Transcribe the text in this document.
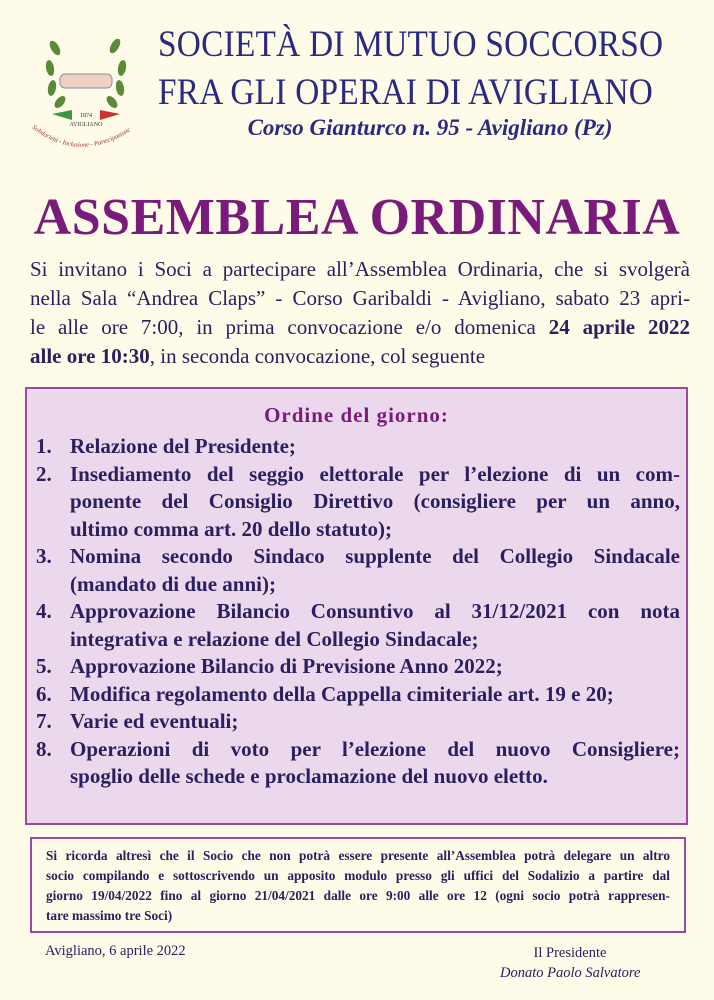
1874
AVIGLIANO
Solidarietà - Inclusione - Partecipazione
SOCIETÀ DI MUTUO SOCCORSO
FRA GLI OPERAI DI AVIGLIANO
Corso Gianturco n. 95 - Avigliano (Pz)
ASSEMBLEA ORDINARIA
Si invitano i Soci a partecipare all’Assemblea Ordinaria, che si svolgerà
nella Sala “Andrea Claps” - Corso Garibaldi - Avigliano, sabato 23 apri-
le alle ore 7:00, in prima convocazione e/o domenica 24 aprile 2022
alle ore 10:30, in seconda convocazione, col seguente
Ordine del giorno:
1. Relazione del Presidente;
2. Insediamento del seggio elettorale per l’elezione di un com-
ponente del Consiglio Direttivo (consigliere per un anno,
ultimo comma art. 20 dello statuto);
3. Nomina secondo Sindaco supplente del Collegio Sindacale
(mandato di due anni);
4. Approvazione Bilancio Consuntivo al 31/12/2021 con nota
integrativa e relazione del Collegio Sindacale;
5. Approvazione Bilancio di Previsione Anno 2022;
6. Modifica regolamento della Cappella cimiteriale art. 19 e 20;
7. Varie ed eventuali;
8. Operazioni di voto per l’elezione del nuovo Consigliere;
spoglio delle schede e proclamazione del nuovo eletto.
Si ricorda altresì che il Socio che non potrà essere presente all’Assemblea potrà delegare un altro
socio compilando e sottoscrivendo un apposito modulo presso gli uffici del Sodalizio a partire dal
giorno 19/04/2022 fino al giorno 21/04/2021 dalle ore 9:00 alle ore 12 (ogni socio potrà rappresen-
tare massimo tre Soci)
Avigliano, 6 aprile 2022	Il Presidente
Donato Paolo Salvatore
